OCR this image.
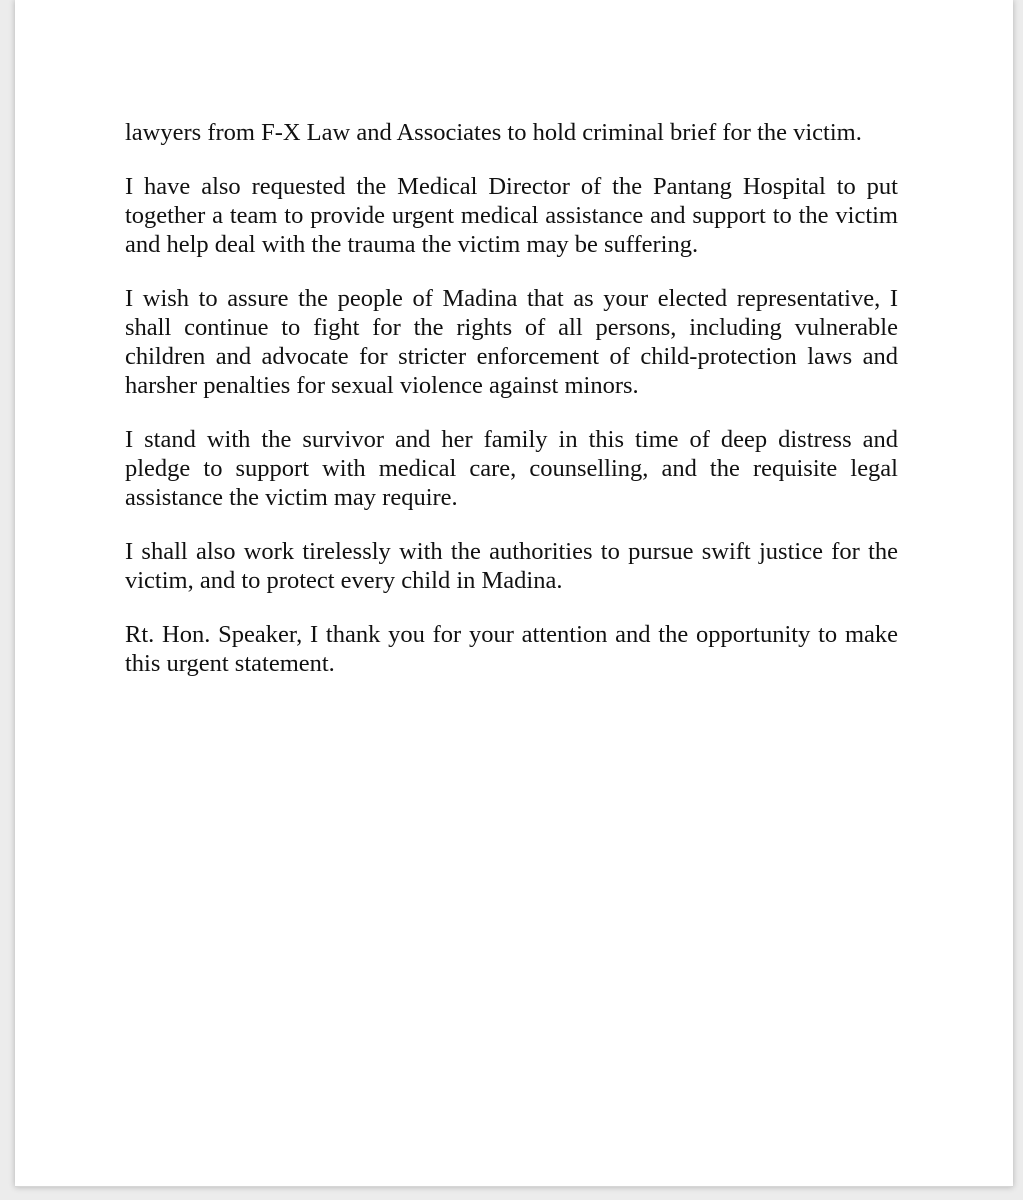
lawyers from F-X Law and Associates to hold criminal brief for the victim.

I have also requested the Medical Director of the Pantang Hospital to put together a team to provide urgent medical assistance and support to the victim and help deal with the trauma the victim may be suffering.

I wish to assure the people of Madina that as your elected representative, I shall continue to fight for the rights of all persons, including vulnerable children and advocate for stricter enforcement of child-protection laws and harsher penalties for sexual violence against minors.

I stand with the survivor and her family in this time of deep distress and pledge to support with medical care, counselling, and the requisite legal assistance the victim may require.

I shall also work tirelessly with the authorities to pursue swift justice for the victim, and to protect every child in Madina.

Rt. Hon. Speaker, I thank you for your attention and the opportunity to make this urgent statement.
